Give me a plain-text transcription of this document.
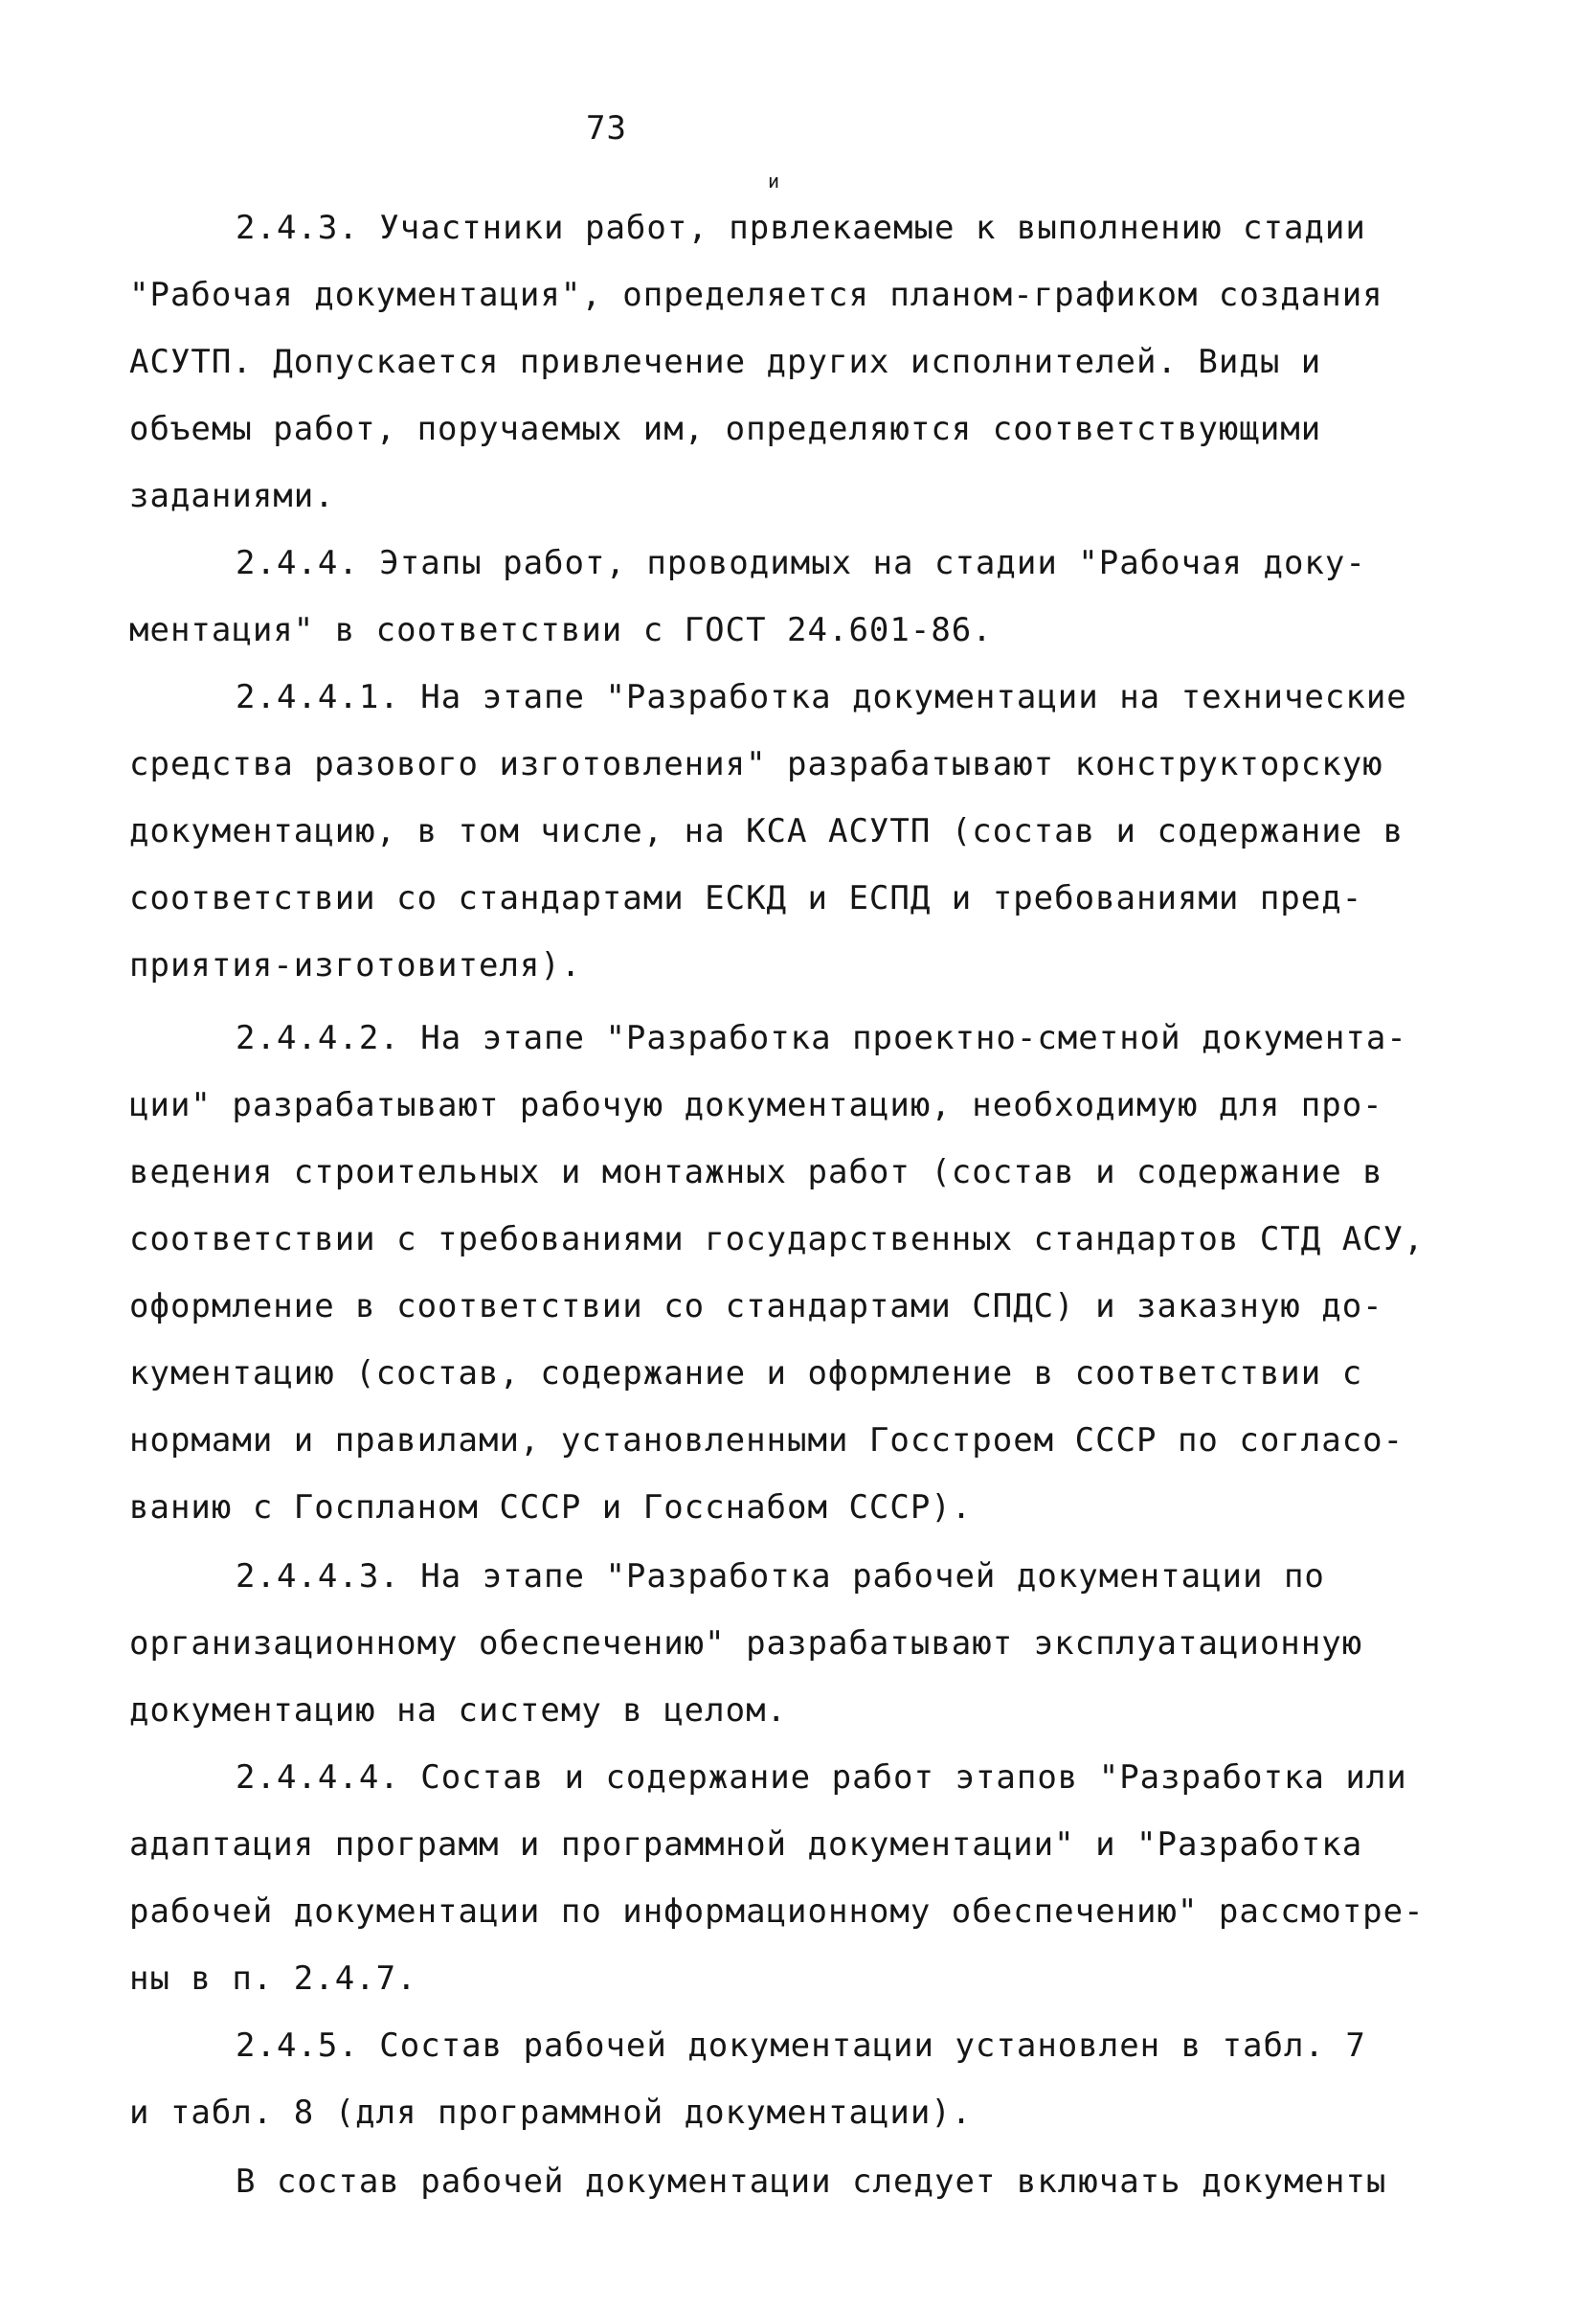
73
и
2.4.3. Участники работ, првлекаемые к выполнению стадии
"Рабочая документация", определяется планом-графиком создания
АСУТП. Допускается привлечение других исполнителей. Виды и
объемы работ, поручаемых им, определяются соответствующими
заданиями.
2.4.4. Этапы работ, проводимых на стадии "Рабочая доку-
ментация" в соответствии с ГОСТ 24.601-86.
2.4.4.1. На этапе "Разработка документации на технические
средства разового изготовления" разрабатывают конструкторскую
документацию, в том числе, на КСА АСУТП (состав и содержание в
соответствии со стандартами ЕСКД и ЕСПД и требованиями пред-
приятия-изготовителя).
2.4.4.2. На этапе "Разработка проектно-сметной документа-
ции" разрабатывают рабочую документацию, необходимую для про-
ведения строительных и монтажных работ (состав и содержание в
соответствии с требованиями государственных стандартов СТД АСУ,
оформление в соответствии со стандартами СПДС) и заказную до-
кументацию (состав, содержание и оформление в соответствии с
нормами и правилами, установленными Госстроем СССР по согласо-
ванию с Госпланом СССР и Госснабом СССР).
2.4.4.3. На этапе "Разработка рабочей документации по
организационному обеспечению" разрабатывают эксплуатационную
документацию на систему в целом.
2.4.4.4. Состав и содержание работ этапов "Разработка или
адаптация программ и программной документации" и "Разработка
рабочей документации по информационному обеспечению" рассмотре-
ны в п. 2.4.7.
2.4.5. Состав рабочей документации установлен в табл. 7
и табл. 8 (для программной документации).
В состав рабочей документации следует включать документы
